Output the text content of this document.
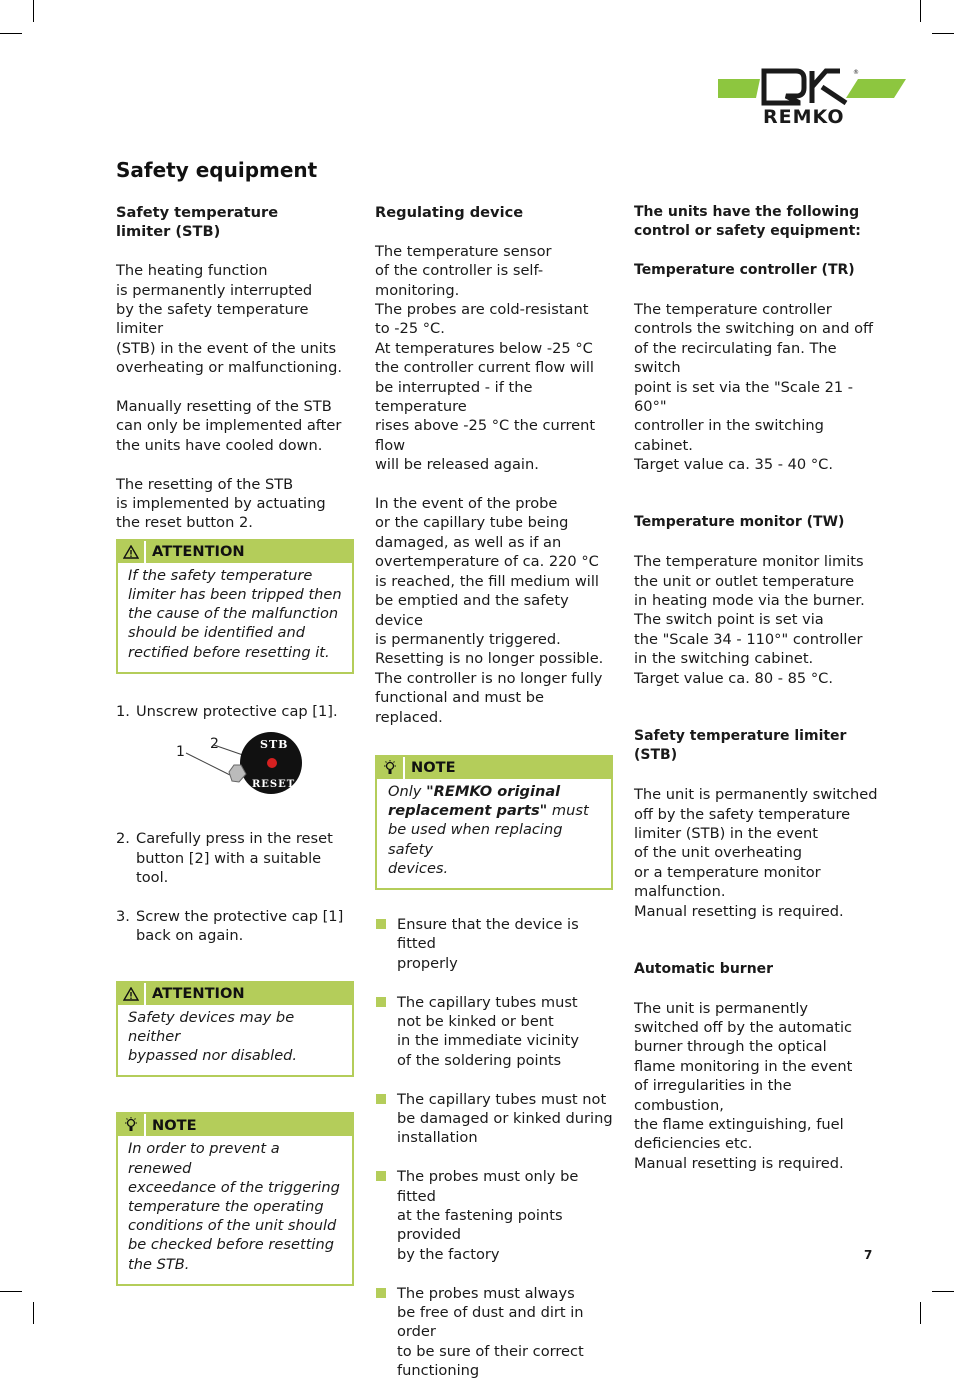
®
REMKO
Safety equipment

Safety temperature limiter (STB)

The heating function
is permanently interrupted
by the safety temperature limiter
(STB) in the event of the units
overheating or malfunctioning.

Manually resetting of the STB
can only be implemented after
the units have cooled down.

The resetting of the STB
is implemented by actuating
the reset button 2.

ATTENTION
If the safety temperature
limiter has been tripped then
the cause of the malfunction
should be identified and
rectified before resetting it.
1. Unscrew protective cap [1].
1 2	STB
RESET
2. Carefully press in the reset
button [2] with a suitable tool.
3. Screw the protective cap [1]
back on again.
ATTENTION
Safety devices may be neither
bypassed nor disabled.
NOTE
In order to prevent a renewed
exceedance of the triggering
temperature the operating
conditions of the unit should
be checked before resetting
the STB.

Regulating device

The temperature sensor
of the controller is self-monitoring.
The probes are cold-resistant
to -25 °C.
At temperatures below -25 °C
the controller current flow will
be interrupted - if the temperature
rises above -25 °C the current flow
will be released again.

In the event of the probe
or the capillary tube being
damaged, as well as if an
overtemperature of ca. 220 °C
is reached, the fill medium will
be emptied and the safety device
is permanently triggered.
Resetting is no longer possible.
The controller is no longer fully
functional and must be replaced.

NOTE
Only "REMKO original
replacement parts" must
be used when replacing safety
devices.
Ensure that the device is fitted
properly
The capillary tubes must
not be kinked or bent
in the immediate vicinity
of the soldering points
The capillary tubes must not
be damaged or kinked during
installation
The probes must only be fitted
at the fastening points provided
by the factory
The probes must always
be free of dust and dirt in order
to be sure of their correct
functioning

The units have the following
control or safety equipment:

Temperature controller (TR)

The temperature controller
controls the switching on and off
of the recirculating fan. The switch
point is set via the "Scale 21 - 60°"
controller in the switching cabinet.
Target value ca. 35 - 40 °C.

Temperature monitor (TW)

The temperature monitor limits
the unit or outlet temperature
in heating mode via the burner.
The switch point is set via
the "Scale 34 - 110°" controller
in the switching cabinet.
Target value ca. 80 - 85 °C.

Safety temperature limiter (STB)

The unit is permanently switched
off by the safety temperature
limiter (STB) in the event
of the unit overheating
or a temperature monitor
malfunction.
Manual resetting is required.

Automatic burner

The unit is permanently
switched off by the automatic
burner through the optical
flame monitoring in the event
of irregularities in the combustion,
the flame extinguishing, fuel
deficiencies etc.
Manual resetting is required.

7
